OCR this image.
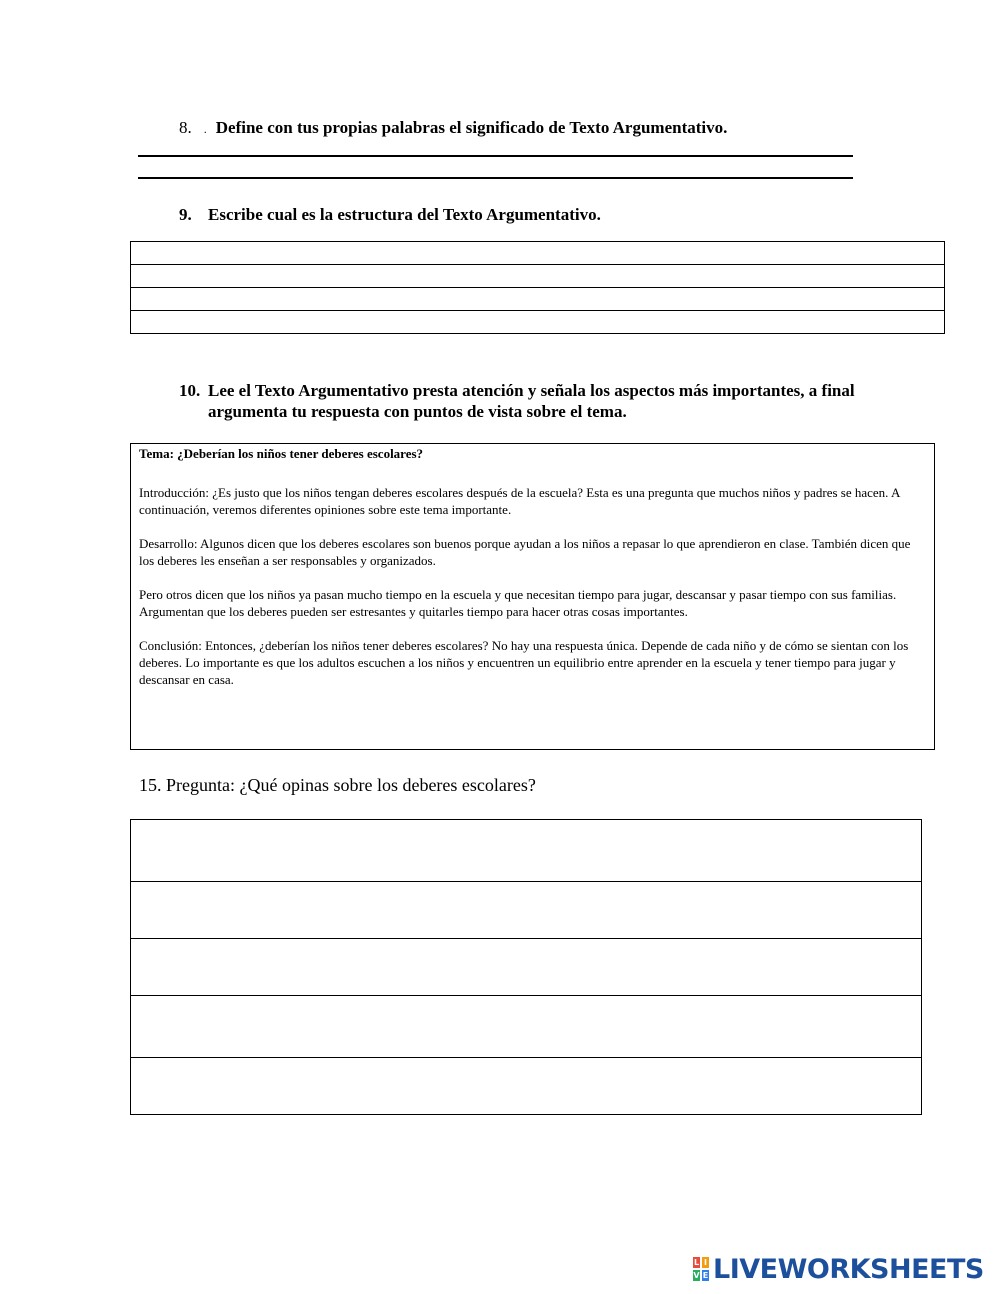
8. . Define con tus propias palabras el significado de Texto Argumentativo.
9. Escribe cual es la estructura del Texto Argumentativo.
10. Lee el Texto Argumentativo presta atención y señala los aspectos más importantes, a final argumenta tu respuesta con puntos de vista sobre el tema.

Tema: ¿Deberían los niños tener deberes escolares?

Introducción: ¿Es justo que los niños tengan deberes escolares después de la escuela? Esta es una pregunta que muchos niños y padres se hacen. A continuación, veremos diferentes opiniones sobre este tema importante.

Desarrollo: Algunos dicen que los deberes escolares son buenos porque ayudan a los niños a repasar lo que aprendieron en clase. También dicen que los deberes les enseñan a ser responsables y organizados.

Pero otros dicen que los niños ya pasan mucho tiempo en la escuela y que necesitan tiempo para jugar, descansar y pasar tiempo con sus familias. Argumentan que los deberes pueden ser estresantes y quitarles tiempo para hacer otras cosas importantes.

Conclusión: Entonces, ¿deberían los niños tener deberes escolares? No hay una respuesta única. Depende de cada niño y de cómo se sientan con los deberes. Lo importante es que los adultos escuchen a los niños y encuentren un equilibrio entre aprender en la escuela y tener tiempo para jugar y descansar en casa.

15. Pregunta: ¿Qué opinas sobre los deberes escolares?
L I
V E LIVEWORKSHEETS
